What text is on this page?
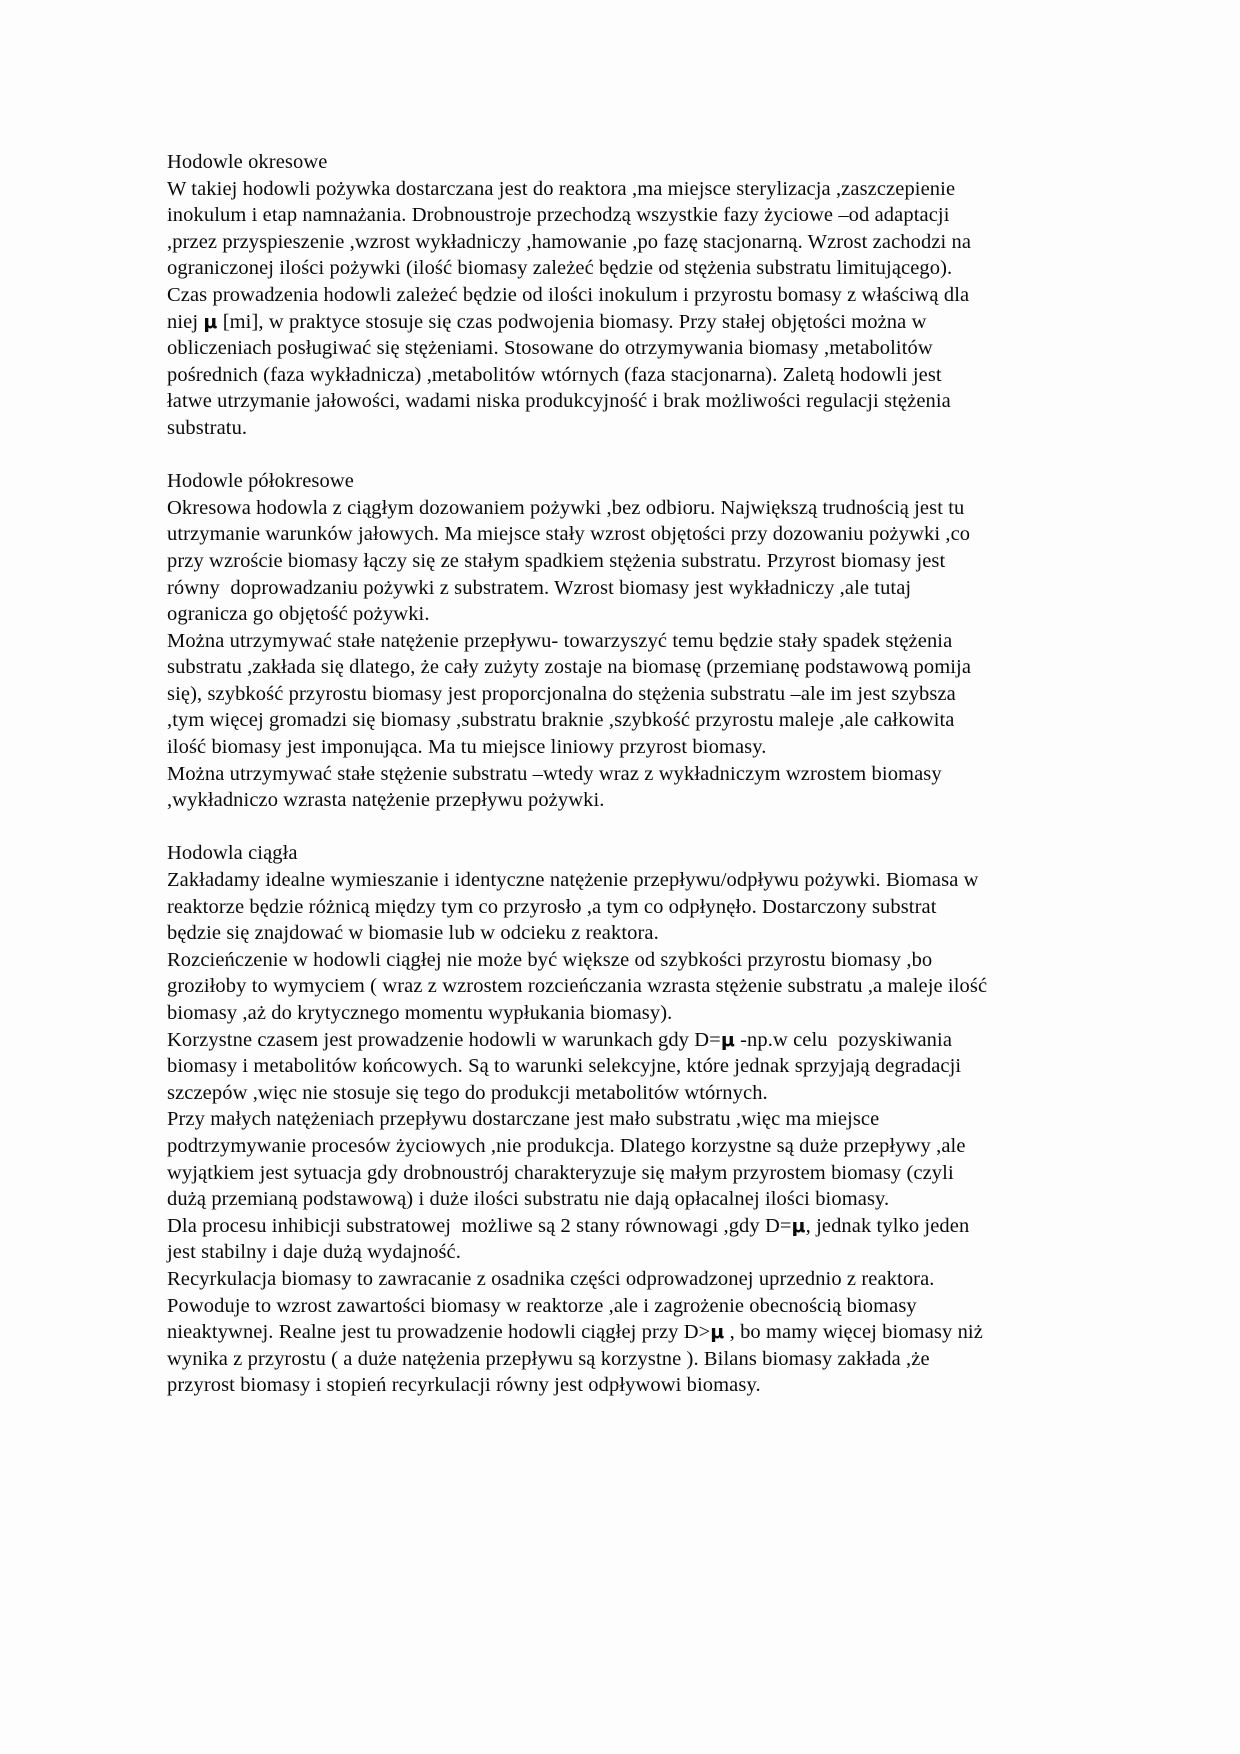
Hodowle okresowe
W takiej hodowli pożywka dostarczana jest do reaktora ,ma miejsce sterylizacja ,zaszczepienie
inokulum i etap namnażania. Drobnoustroje przechodzą wszystkie fazy życiowe –od adaptacji
,przez przyspieszenie ,wzrost wykładniczy ,hamowanie ,po fazę stacjonarną. Wzrost zachodzi na
ograniczonej ilości pożywki (ilość biomasy zależeć będzie od stężenia substratu limitującego).
Czas prowadzenia hodowli zależeć będzie od ilości inokulum i przyrostu bomasy z właściwą dla
niej μ [mi], w praktyce stosuje się czas podwojenia biomasy. Przy stałej objętości można w
obliczeniach posługiwać się stężeniami. Stosowane do otrzymywania biomasy ,metabolitów
pośrednich (faza wykładnicza) ,metabolitów wtórnych (faza stacjonarna). Zaletą hodowli jest
łatwe utrzymanie jałowości, wadami niska produkcyjność i brak możliwości regulacji stężenia
substratu.
Hodowle półokresowe
Okresowa hodowla z ciągłym dozowaniem pożywki ,bez odbioru. Największą trudnością jest tu
utrzymanie warunków jałowych. Ma miejsce stały wzrost objętości przy dozowaniu pożywki ,co
przy wzroście biomasy łączy się ze stałym spadkiem stężenia substratu. Przyrost biomasy jest
równy  doprowadzaniu pożywki z substratem. Wzrost biomasy jest wykładniczy ,ale tutaj
ogranicza go objętość pożywki.
Można utrzymywać stałe natężenie przepływu- towarzyszyć temu będzie stały spadek stężenia
substratu ,zakłada się dlatego, że cały zużyty zostaje na biomasę (przemianę podstawową pomija
się), szybkość przyrostu biomasy jest proporcjonalna do stężenia substratu –ale im jest szybsza
,tym więcej gromadzi się biomasy ,substratu braknie ,szybkość przyrostu maleje ,ale całkowita
ilość biomasy jest imponująca. Ma tu miejsce liniowy przyrost biomasy.
Można utrzymywać stałe stężenie substratu –wtedy wraz z wykładniczym wzrostem biomasy
,wykładniczo wzrasta natężenie przepływu pożywki.
Hodowla ciągła
Zakładamy idealne wymieszanie i identyczne natężenie przepływu/odpływu pożywki. Biomasa w
reaktorze będzie różnicą między tym co przyrosło ,a tym co odpłynęło. Dostarczony substrat
będzie się znajdować w biomasie lub w odcieku z reaktora.
Rozcieńczenie w hodowli ciągłej nie może być większe od szybkości przyrostu biomasy ,bo
groziłoby to wymyciem ( wraz z wzrostem rozcieńczania wzrasta stężenie substratu ,a maleje ilość
biomasy ,aż do krytycznego momentu wypłukania biomasy).
Korzystne czasem jest prowadzenie hodowli w warunkach gdy D=μ -np.w celu  pozyskiwania
biomasy i metabolitów końcowych. Są to warunki selekcyjne, które jednak sprzyjają degradacji
szczepów ,więc nie stosuje się tego do produkcji metabolitów wtórnych.
Przy małych natężeniach przepływu dostarczane jest mało substratu ,więc ma miejsce
podtrzymywanie procesów życiowych ,nie produkcja. Dlatego korzystne są duże przepływy ,ale
wyjątkiem jest sytuacja gdy drobnoustrój charakteryzuje się małym przyrostem biomasy (czyli
dużą przemianą podstawową) i duże ilości substratu nie dają opłacalnej ilości biomasy.
Dla procesu inhibicji substratowej  możliwe są 2 stany równowagi ,gdy D=μ, jednak tylko jeden
jest stabilny i daje dużą wydajność.
Recyrkulacja biomasy to zawracanie z osadnika części odprowadzonej uprzednio z reaktora.
Powoduje to wzrost zawartości biomasy w reaktorze ,ale i zagrożenie obecnością biomasy
nieaktywnej. Realne jest tu prowadzenie hodowli ciągłej przy D>μ , bo mamy więcej biomasy niż
wynika z przyrostu ( a duże natężenia przepływu są korzystne ). Bilans biomasy zakłada ,że
przyrost biomasy i stopień recyrkulacji równy jest odpływowi biomasy.
